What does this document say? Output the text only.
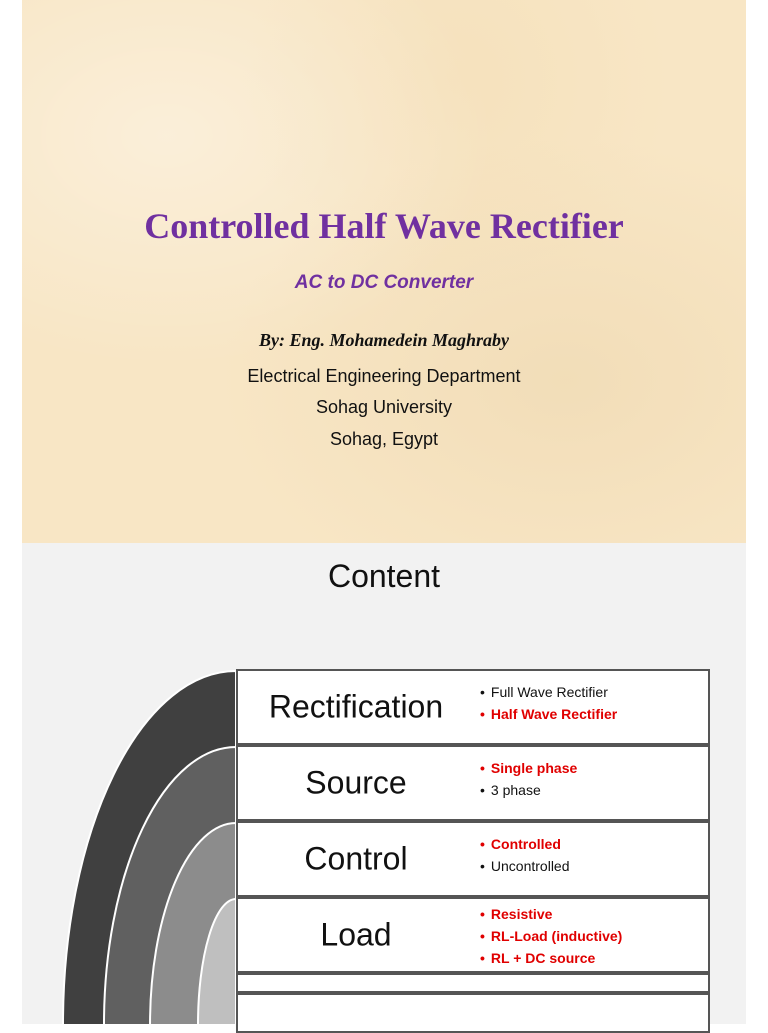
Controlled Half Wave Rectifier
AC to DC Converter
By: Eng. Mohamedein Maghraby
Electrical Engineering Department
Sohag University
Sohag, Egypt
Content
Rectification	• Full Wave Rectifier
• Half Wave Rectifier
Source	• Single phase
• 3 phase
Control	• Controlled
• Uncontrolled
Load
• Resistive
• RL-Load (inductive)
• RL + DC source
